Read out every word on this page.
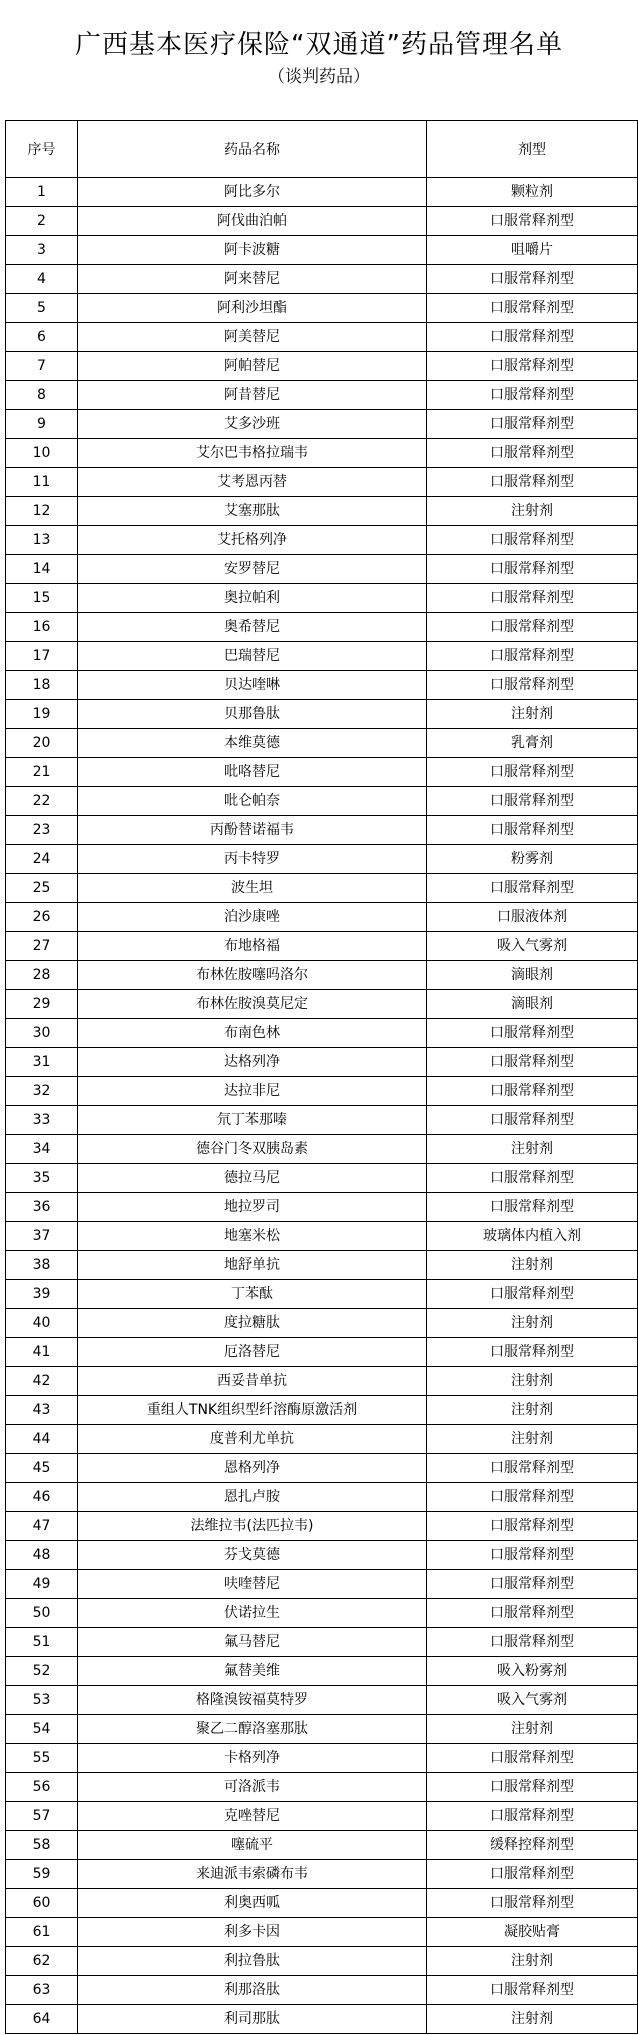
广西基本医疗保险“双通道”药品管理名单
（谈判药品）
序号	药品名称	剂型
1	阿比多尔	颗粒剂
2	阿伐曲泊帕	口服常释剂型
3	阿卡波糖	咀嚼片
4	阿来替尼	口服常释剂型
5	阿利沙坦酯	口服常释剂型
6	阿美替尼	口服常释剂型
7	阿帕替尼	口服常释剂型
8	阿昔替尼	口服常释剂型
9	艾多沙班	口服常释剂型
10	艾尔巴韦格拉瑞韦	口服常释剂型
11	艾考恩丙替	口服常释剂型
12	艾塞那肽	注射剂
13	艾托格列净	口服常释剂型
14	安罗替尼	口服常释剂型
15	奥拉帕利	口服常释剂型
16	奥希替尼	口服常释剂型
17	巴瑞替尼	口服常释剂型
18	贝达喹啉	口服常释剂型
19	贝那鲁肽	注射剂
20	本维莫德	乳膏剂
21	吡咯替尼	口服常释剂型
22	吡仑帕奈	口服常释剂型
23	丙酚替诺福韦	口服常释剂型
24	丙卡特罗	粉雾剂
25	波生坦	口服常释剂型
26	泊沙康唑	口服液体剂
27	布地格福	吸入气雾剂
28	布林佐胺噻吗洛尔	滴眼剂
29	布林佐胺溴莫尼定	滴眼剂
30	布南色林	口服常释剂型
31	达格列净	口服常释剂型
32	达拉非尼	口服常释剂型
33	氘丁苯那嗪	口服常释剂型
34	德谷门冬双胰岛素	注射剂
35	德拉马尼	口服常释剂型
36	地拉罗司	口服常释剂型
37	地塞米松	玻璃体内植入剂
38	地舒单抗	注射剂
39	丁苯酞	口服常释剂型
40	度拉糖肽	注射剂
41	厄洛替尼	口服常释剂型
42	西妥昔单抗	注射剂
43	重组人TNK组织型纤溶酶原激活剂	注射剂
44	度普利尤单抗	注射剂
45	恩格列净	口服常释剂型
46	恩扎卢胺	口服常释剂型
47	法维拉韦(法匹拉韦)	口服常释剂型
48	芬戈莫德	口服常释剂型
49	呋喹替尼	口服常释剂型
50	伏诺拉生	口服常释剂型
51	氟马替尼	口服常释剂型
52	氟替美维	吸入粉雾剂
53	格隆溴铵福莫特罗	吸入气雾剂
54	聚乙二醇洛塞那肽	注射剂
55	卡格列净	口服常释剂型
56	可洛派韦	口服常释剂型
57	克唑替尼	口服常释剂型
58	噻硫平	缓释控释剂型
59	来迪派韦索磷布韦	口服常释剂型
60	利奥西呱	口服常释剂型
61	利多卡因	凝胶贴膏
62	利拉鲁肽	注射剂
63	利那洛肽	口服常释剂型
64	利司那肽	注射剂
